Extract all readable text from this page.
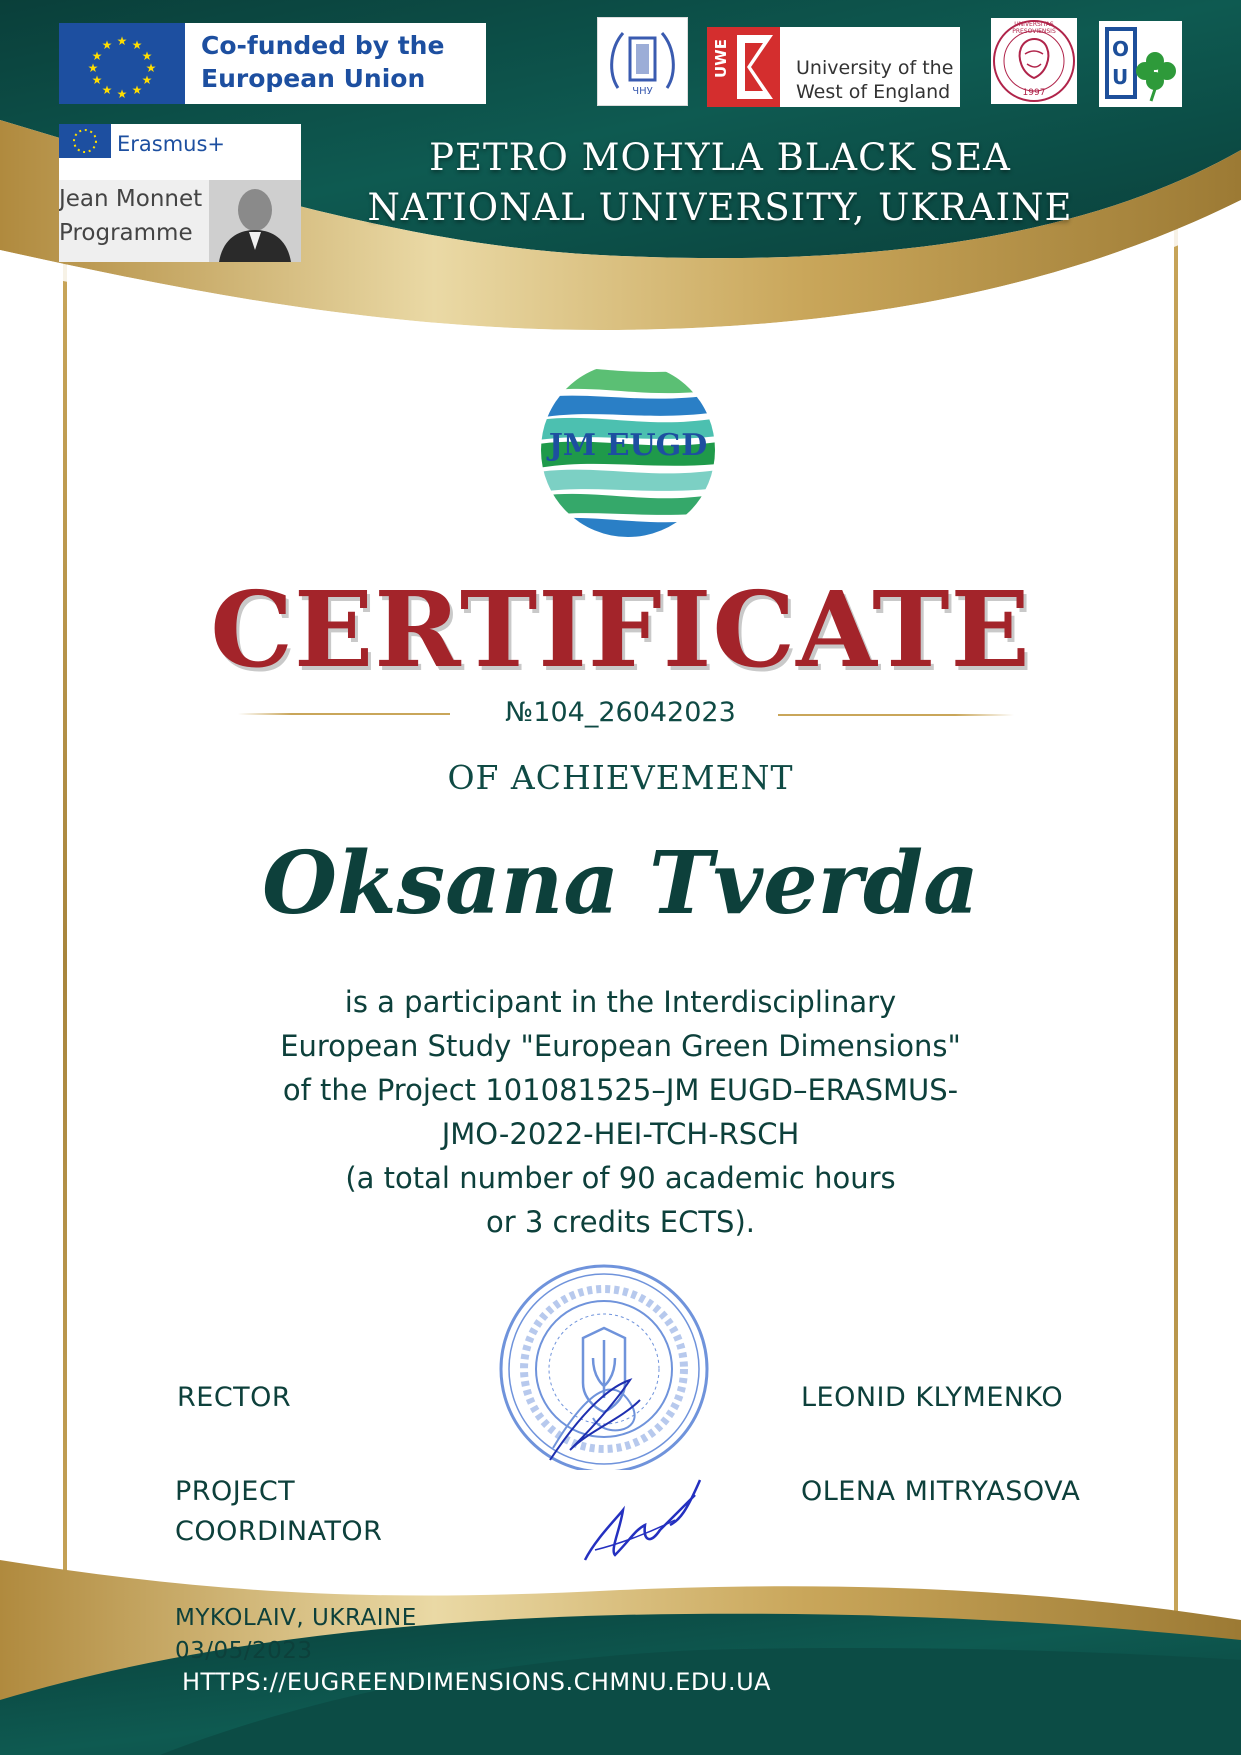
★ ★
★
★
★
★
★
★
★
★
★
★	Co-funded by the European Union	ЧНУ
UWE	University of the
West of England
UNIVERSITAS PRESOVIENSIS
1997
OU
Erasmus+
Jean Monnet
Programme
PETRO MOHYLA BLACK SEA
NATIONAL UNIVERSITY, UKRAINE
JM EUGD
CERTIFICATE
№104_26042023
OF ACHIEVEMENT
Oksana Tverda
is a participant in the Interdisciplinary
European Study "European Green Dimensions"
of the Project 101081525–JM EUGD–ERASMUS-
JMO-2022-HEI-TCH-RSCH
(a total number of 90 academic hours
or 3 credits ECTS).
RECTOR	LEONID KLYMENKO
PROJECT
COORDINATOR
OLENA MITRYASOVA
MYKOLAIV, UKRAINE
03/05/2023
HTTPS://EUGREENDIMENSIONS.CHMNU.EDU.UA
